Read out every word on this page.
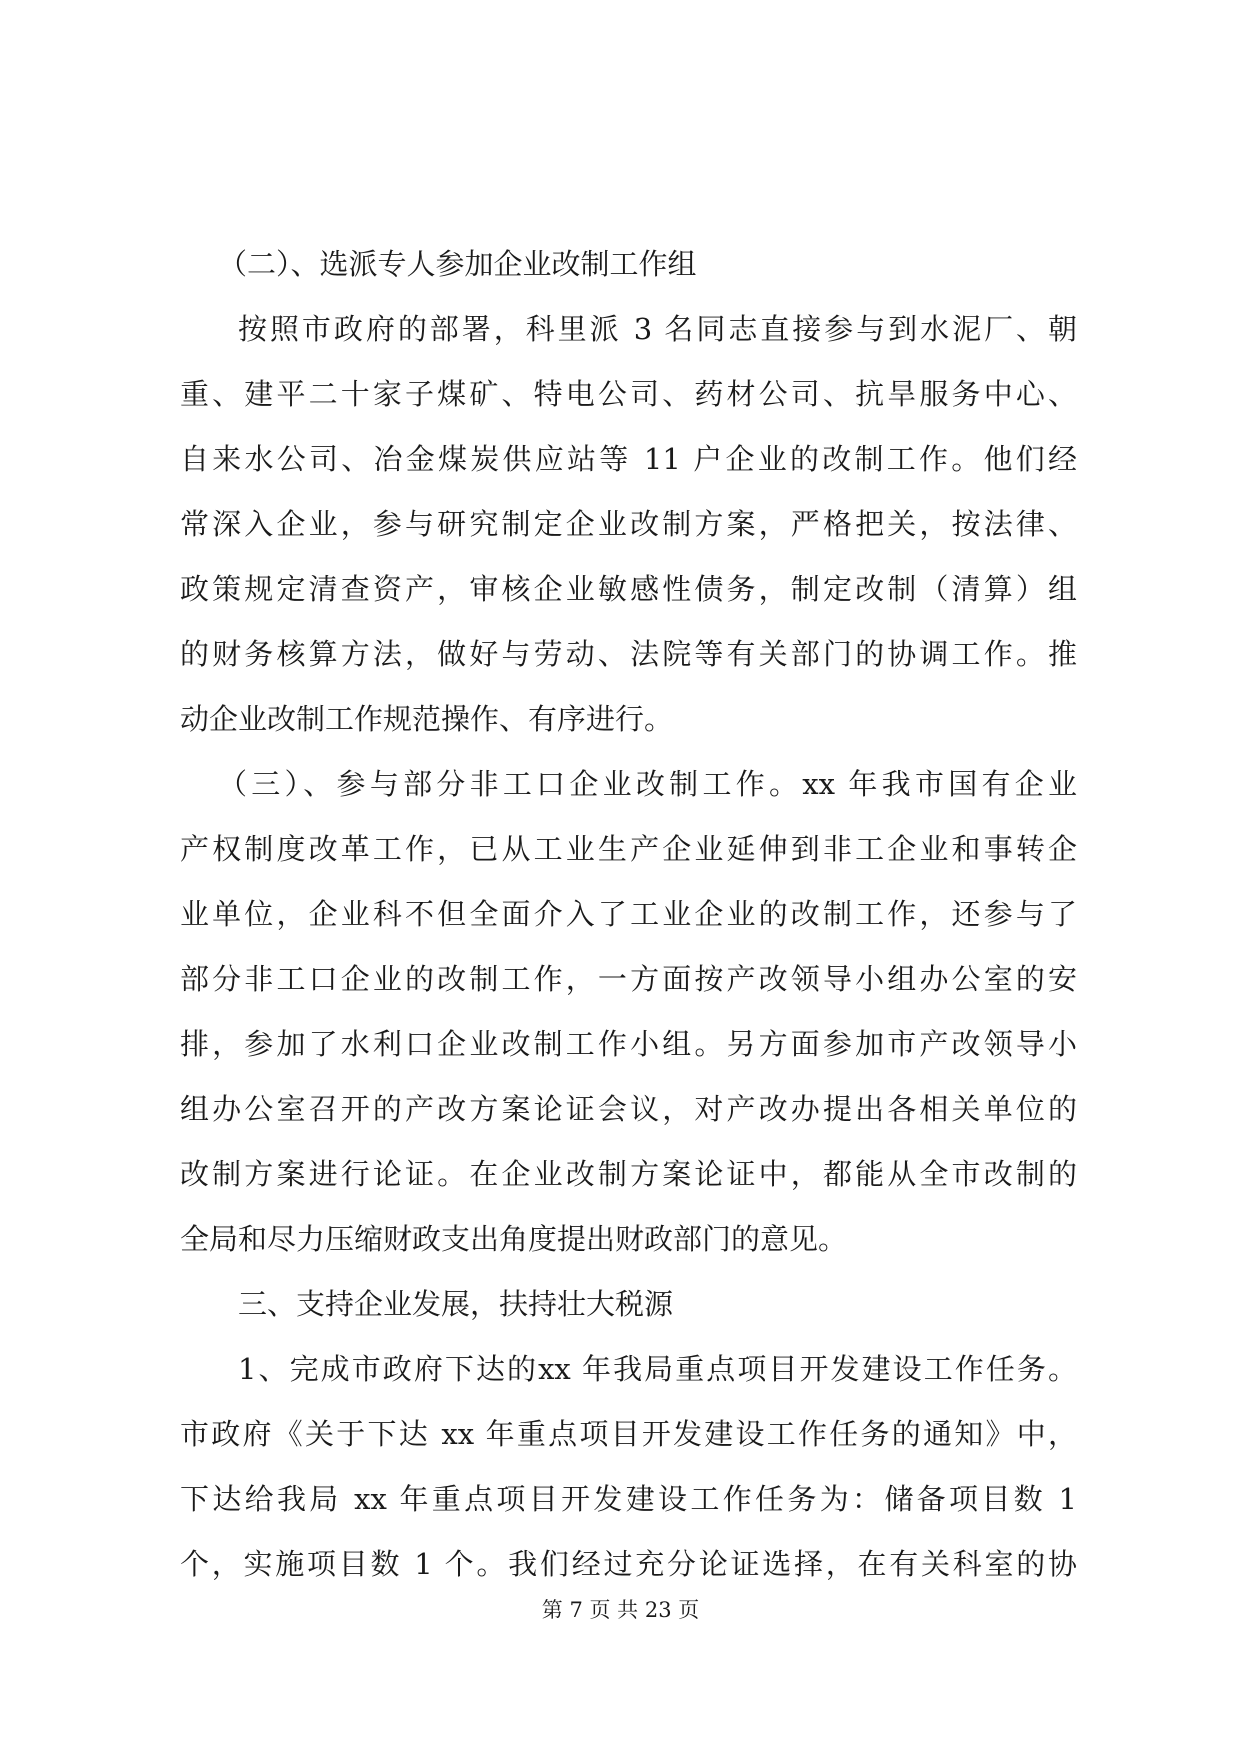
（二）、选派专人参加企业改制工作组
按照市政府的部署，科里派 3 名同志直接参与到水泥厂、朝
重、建平二十家子煤矿、特电公司、药材公司、抗旱服务中心、
自来水公司、冶金煤炭供应站等 11 户企业的改制工作。他们经
常深入企业，参与研究制定企业改制方案，严格把关，按法律、
政策规定清查资产，审核企业敏感性债务，制定改制（清算）组
的财务核算方法，做好与劳动、法院等有关部门的协调工作。推
动企业改制工作规范操作、有序进行。
（三）、参与部分非工口企业改制工作。xx 年我市国有企业
产权制度改革工作，已从工业生产企业延伸到非工企业和事转企
业单位，企业科不但全面介入了工业企业的改制工作，还参与了
部分非工口企业的改制工作，一方面按产改领导小组办公室的安
排，参加了水利口企业改制工作小组。另方面参加市产改领导小
组办公室召开的产改方案论证会议，对产改办提出各相关单位的
改制方案进行论证。在企业改制方案论证中，都能从全市改制的
全局和尽力压缩财政支出角度提出财政部门的意见。
三、支持企业发展，扶持壮大税源
1、完成市政府下达的xx 年我局重点项目开发建设工作任务。
市政府《关于下达 xx 年重点项目开发建设工作任务的通知》中，
下达给我局 xx 年重点项目开发建设工作任务为：储备项目数 1
个，实施项目数 1 个。我们经过充分论证选择，在有关科室的协
第 7 页 共 23 页
